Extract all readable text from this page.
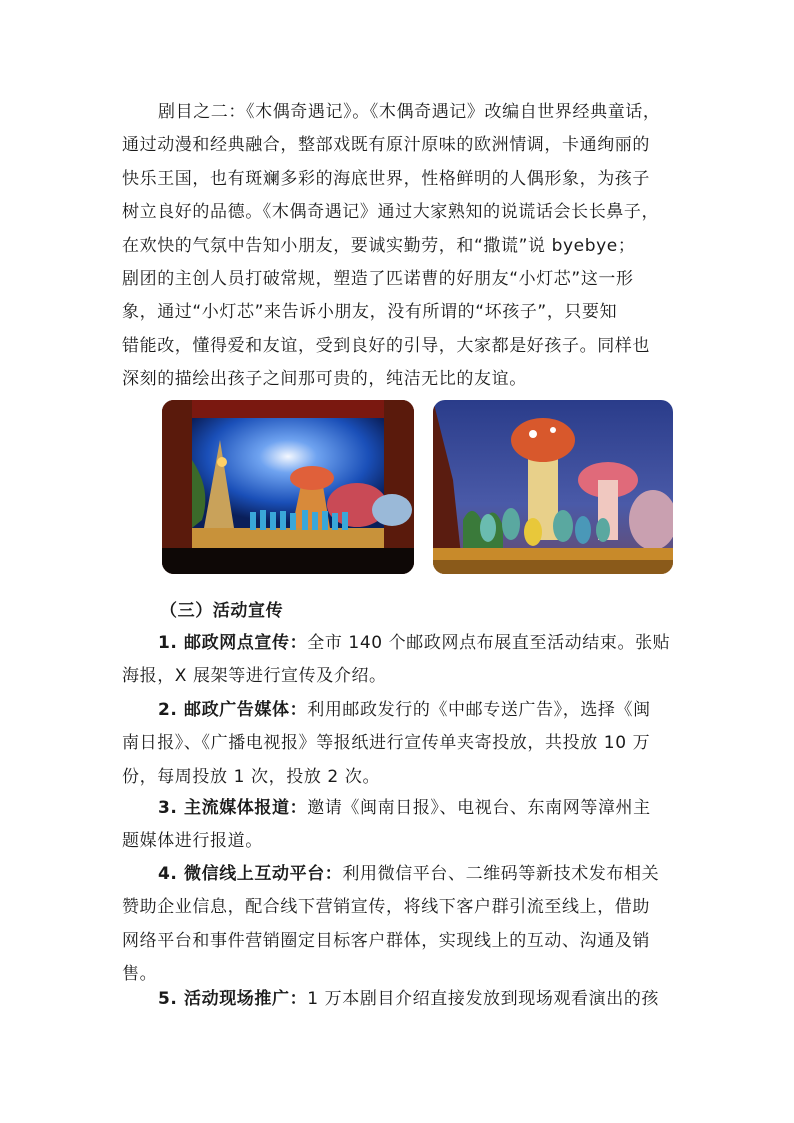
剧目之二：《木偶奇遇记》。《木偶奇遇记》改编自世界经典童话，
通过动漫和经典融合，整部戏既有原汁原味的欧洲情调，卡通绚丽的
快乐王国，也有斑斓多彩的海底世界，性格鲜明的人偶形象，为孩子
树立良好的品德。《木偶奇遇记》通过大家熟知的说谎话会长长鼻子，
在欢快的气氛中告知小朋友，要诚实勤劳，和“撒谎”说 byebye；
剧团的主创人员打破常规，塑造了匹诺曹的好朋友“小灯芯”这一形
象，通过“小灯芯”来告诉小朋友，没有所谓的“坏孩子”，只要知
错能改，懂得爱和友谊，受到良好的引导，大家都是好孩子。同样也
深刻的描绘出孩子之间那可贵的，纯洁无比的友谊。

（三）活动宣传

1. 邮政网点宣传：全市 140 个邮政网点布展直至活动结束。张贴
海报，X 展架等进行宣传及介绍。
2. 邮政广告媒体：利用邮政发行的《中邮专送广告》，选择《闽
南日报》、《广播电视报》等报纸进行宣传单夹寄投放，共投放 10 万
份，每周投放 1 次，投放 2 次。
3. 主流媒体报道：邀请《闽南日报》、电视台、东南网等漳州主
题媒体进行报道。
4. 微信线上互动平台：利用微信平台、二维码等新技术发布相关
赞助企业信息，配合线下营销宣传，将线下客户群引流至线上，借助
网络平台和事件营销圈定目标客户群体，实现线上的互动、沟通及销
售。
5. 活动现场推广：1 万本剧目介绍直接发放到现场观看演出的孩
